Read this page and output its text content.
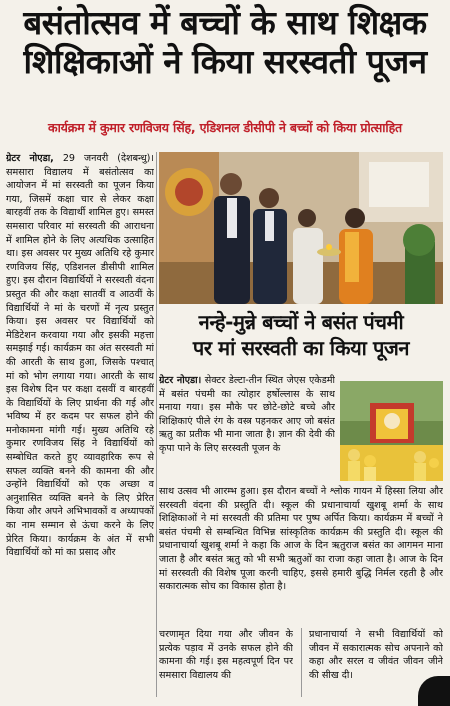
बसंतोत्सव में बच्चों के साथ शिक्षक
शिक्षिकाओं ने किया सरस्वती पूजन
कार्यक्रम में कुमार रणविजय सिंह, एडिशनल डीसीपी ने बच्चों को किया प्रोत्साहित
ग्रेटर नोएडा, 29 जनवरी (देशबन्धु)। समसारा विद्यालय में बसंतोत्सव का आयोजन में मां सरस्वती का पूजन किया गया, जिसमें कक्षा चार से लेकर कक्षा बारहवीं तक के विद्यार्थी शामिल हुए। समस्त समसारा परिवार मां सरस्वती की आराधना में शामिल होने के लिए अत्यधिक उत्साहित था। इस अवसर पर मुख्य अतिथि रहे कुमार रणविजय सिंह, एडिशनल डीसीपी शामिल हुए। इस दौरान विद्यार्थियों ने सरस्वती वंदना प्रस्तुत की और कक्षा सातवीं व आठवीं के विद्यार्थियों ने मां के चरणों में नृत्य प्रस्तुत किया। इस अवसर पर विद्यार्थियों को मेडिटेशन करवाया गया और इसकी महत्ता समझाई गई। कार्यक्रम का अंत सरस्वती मां की आरती के साथ हुआ, जिसके पश्चात् मां को भोग लगाया गया। आरती के साथ इस विशेष दिन पर कक्षा दसवीं व बारहवीं के विद्यार्थियों के लिए प्रार्थना की गई और भविष्य में हर कदम पर सफल होने की मनोकामना मांगी गई। मुख्य अतिथि रहे कुमार रणविजय सिंह ने विद्यार्थियों को सम्बोधित करते हुए व्यावहारिक रूप से सफल व्यक्ति बनने की कामना की और उन्होंने विद्यार्थियों को एक अच्छा व अनुशासित व्यक्ति बनने के लिए प्रेरित किया और अपने अभिभावकों व अध्यापकों का नाम सम्मान से ऊंचा करने के लिए प्रेरित किया। कार्यक्रम के अंत में सभी विद्यार्थियों को मां का प्रसाद और
नन्हे-मुन्ने बच्चों ने बसंत पंचमी
पर मां सरस्वती का किया पूजन
ग्रेटर नोएडा। सेक्टर डेल्टा-तीन स्थित जेएस एकेडमी में बसंत पंचमी का त्योहार हर्षोल्लास के साथ मनाया गया। इस मौके पर छोटे-छोटे बच्चे और शिक्षिकाएं पीले रंग के वस्त्र पहनकर आए जो बसंत ऋतु का प्रतीक भी माना जाता है। ज्ञान की देवी की कृपा पाने के लिए सरस्वती पूजन के
साथ उत्सव भी आरम्भ हुआ। इस दौरान बच्चों ने श्लोक गायन में हिस्सा लिया और सरस्वती वंदना की प्रस्तुति दी। स्कूल की प्रधानाचार्या खुशबू शर्मा के साथ शिक्षिकाओं ने मां सरस्वती की प्रतिमा पर पुष्प अर्पित किया। कार्यक्रम में बच्चों ने बसंत पंचमी से सम्बन्धित विभिन्न सांस्कृतिक कार्यक्रम की प्रस्तुति दी। स्कूल की प्रधानाचार्या खुशबू शर्मा ने कहा कि आज के दिन ऋतुराज बसंत का आगमन माना जाता है और बसंत ऋतु को भी सभी ऋतुओं का राजा कहा जाता है। आज के दिन मां सरस्वती की विशेष पूजा करनी चाहिए, इससे हमारी बुद्धि निर्मल रहती है और सकारात्मक सोच का विकास होता है।
चरणामृत दिया गया और जीवन के प्रत्येक पड़ाव में उनके सफल होने की कामना की गई। इस महत्वपूर्ण दिन पर समसारा विद्यालय की
प्रधानाचार्या ने सभी विद्यार्थियों को जीवन में सकारात्मक सोच अपनाने को कहा और सरल व जीवंत जीवन जीने की सीख दी।
